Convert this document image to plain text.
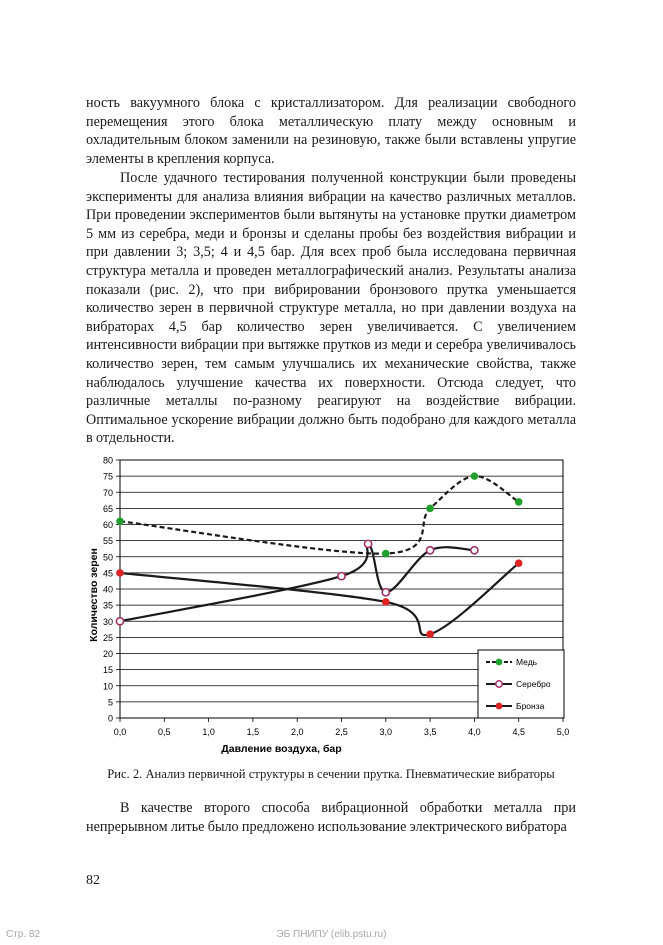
ность вакуумного блока с кристаллизатором. Для реализации свободного перемещения этого блока металлическую плату между основным и охладительным блоком заменили на резиновую, также были вставлены упругие элементы в крепления корпуса.

После удачного тестирования полученной конструкции были проведены эксперименты для анализа влияния вибрации на качество различных металлов. При проведении экспериментов были вытянуты на установке прутки диаметром 5 мм из серебра, меди и бронзы и сделаны пробы без воздействия вибрации и при давлении 3; 3,5; 4 и 4,5 бар. Для всех проб была исследована первичная структура металла и проведен металлографический анализ. Результаты анализа показали (рис. 2), что при вибрировании бронзового прутка уменьшается количество зерен в первичной структуре металла, но при давлении воздуха на вибраторах 4,5 бар количество зерен увеличивается. С увеличением интенсивности вибрации при вытяжке прутков из меди и серебра увеличивалось количество зерен, тем самым улучшались их механические свойства, также наблюдалось улучшение качества их поверхности. Отсюда следует, что различные металлы по-разному реагируют на воздействие вибрации. Оптимальное ускорение вибрации должно быть подобрано для каждого металла в отдельности.

0
5
10
15
20
25
30
35
40
45
50
55
60
65
70
75
80
0,0	0,5	1,0	1,5	2,0	2,5	3,0	3,5	4,0	4,5	5,0
Давление воздуха, бар
Количество зерен
Медь
Серебро
Бронза

Рис. 2. Анализ первичной структуры в сечении прутка. Пневматические вибраторы

В качестве второго способа вибрационной обработки металла при непрерывном литье было предложено использование электрического вибратора

82
Стр. 82	ЭБ ПНИПУ (elib.pstu.ru)
